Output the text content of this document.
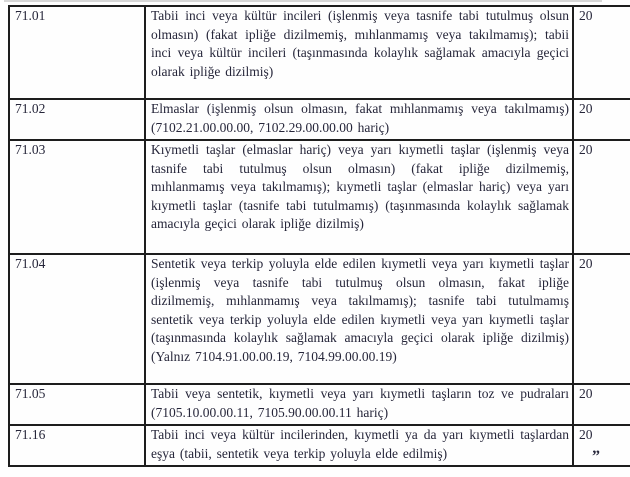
71.01	Tabii inci veya kültür incileri (işlenmiş veya tasnife tabi tutulmuş olsun olmasın) (fakat ipliğe dizilmemiş, mıhlanmamış veya takılmamış); tabii inci veya kültür incileri (taşınmasında kolaylık sağlamak amacıyla geçici olarak ipliğe dizilmiş)	20
71.02	Elmaslar (işlenmiş olsun olmasın, fakat mıhlanmamış veya takılmamış) (7102.21.00.00.00, 7102.29.00.00.00 hariç)	20
71.03	Kıymetli taşlar (elmaslar hariç) veya yarı kıymetli taşlar (işlenmiş veya tasnife tabi tutulmuş olsun olmasın) (fakat ipliğe dizilmemiş, mıhlanmamış veya takılmamış); kıymetli taşlar (elmaslar hariç) veya yarı kıymetli taşlar (tasnife tabi tutulmamış) (taşınmasında kolaylık sağlamak amacıyla geçici olarak ipliğe dizilmiş)	20
71.04	Sentetik veya terkip yoluyla elde edilen kıymetli veya yarı kıymetli taşlar (işlenmiş veya tasnife tabi tutulmuş olsun olmasın, fakat ipliğe dizilmemiş, mıhlanmamış veya takılmamış); tasnife tabi tutulmamış sentetik veya terkip yoluyla elde edilen kıymetli veya yarı kıymetli taşlar (taşınmasında kolaylık sağlamak amacıyla geçici olarak ipliğe dizilmiş) (Yalnız 7104.91.00.00.19, 7104.99.00.00.19)	20
71.05	Tabii veya sentetik, kıymetli veya yarı kıymetli taşların toz ve pudraları (7105.10.00.00.11, 7105.90.00.00.11 hariç)	20
71.16	Tabii inci veya kültür incilerinden, kıymetli ya da yarı kıymetli taşlardan eşya (tabii, sentetik veya terkip yoluyla elde edilmiş)	20
”
